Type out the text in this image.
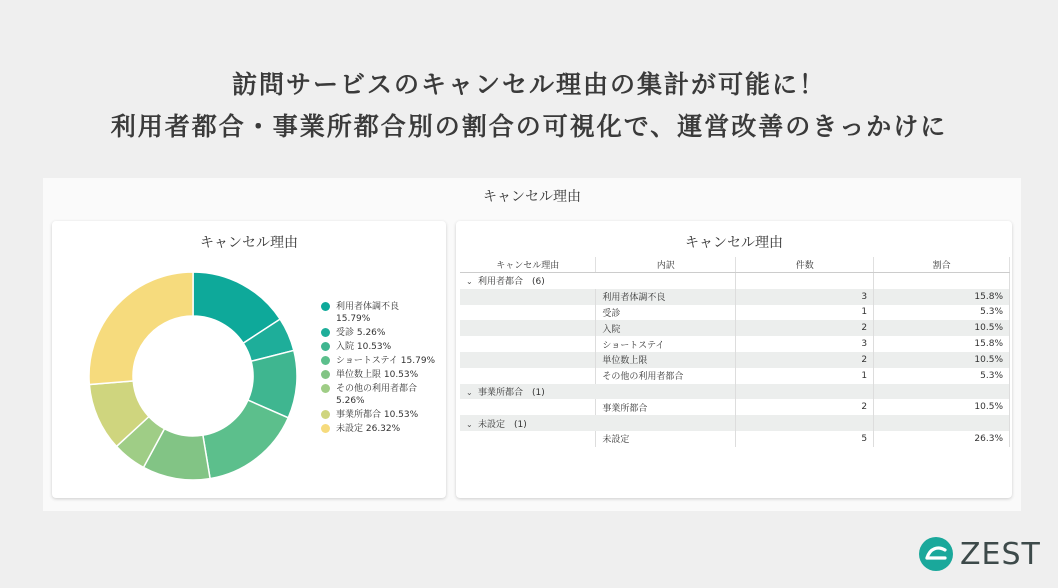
訪問サービスのキャンセル理由の集計が可能に！
利用者都合・事業所都合別の割合の可視化で、運営改善のきっかけに
キャンセル理由
キャンセル理由
利用者体調不良 15.79%
受診 5.26%
入院 10.53%
ショートステイ 15.79%
単位数上限 10.53%
その他の利用者都合 5.26%
事業所都合 10.53%
未設定 26.32%
キャンセル理由
キャンセル理由	内訳	件数	割合
⌄ 利用者都合　(6)			
	利用者体調不良	3	15.8%
	受診	1	5.3%
	入院	2	10.5%
	ショートステイ	3	15.8%
	単位数上限	2	10.5%
	その他の利用者都合	1	5.3%
⌄ 事業所都合　(1)			
	事業所都合	2	10.5%
⌄ 未設定　(1)			
	未設定	5	26.3%
ZEST
